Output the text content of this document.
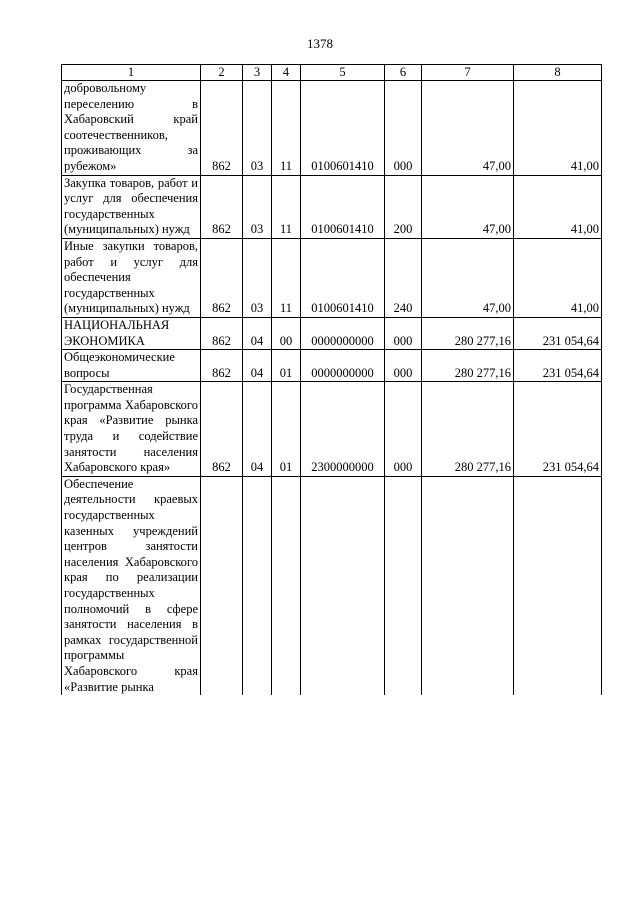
1378
1	2	3	4	5	6	7	8
добровольному переселению в Хабаровский край соотечественников, проживающих за рубежом»	862	03	11	0100601410	000	47,00	41,00
Закупка товаров, работ и услуг для обеспечения государственных (муниципальных) нужд	862	03	11	0100601410	200	47,00	41,00
Иные закупки товаров, работ и услуг для обеспечения государственных (муниципальных) нужд	862	03	11	0100601410	240	47,00	41,00
НАЦИОНАЛЬНАЯ ЭКОНОМИКА	862	04	00	0000000000	000	280 277,16	231 054,64
Общеэкономические вопросы	862	04	01	0000000000	000	280 277,16	231 054,64
Государственная программа Хабаровского края «Развитие рынка труда и содействие занятости населения Хабаровского края»	862	04	01	2300000000	000	280 277,16	231 054,64
Обеспечение деятельности краевых государственных казенных учреждений центров занятости населения Хабаровского края по реализации государственных полномочий в сфере занятости населения в рамках государственной программы Хабаровского края «Развитие рынка							
